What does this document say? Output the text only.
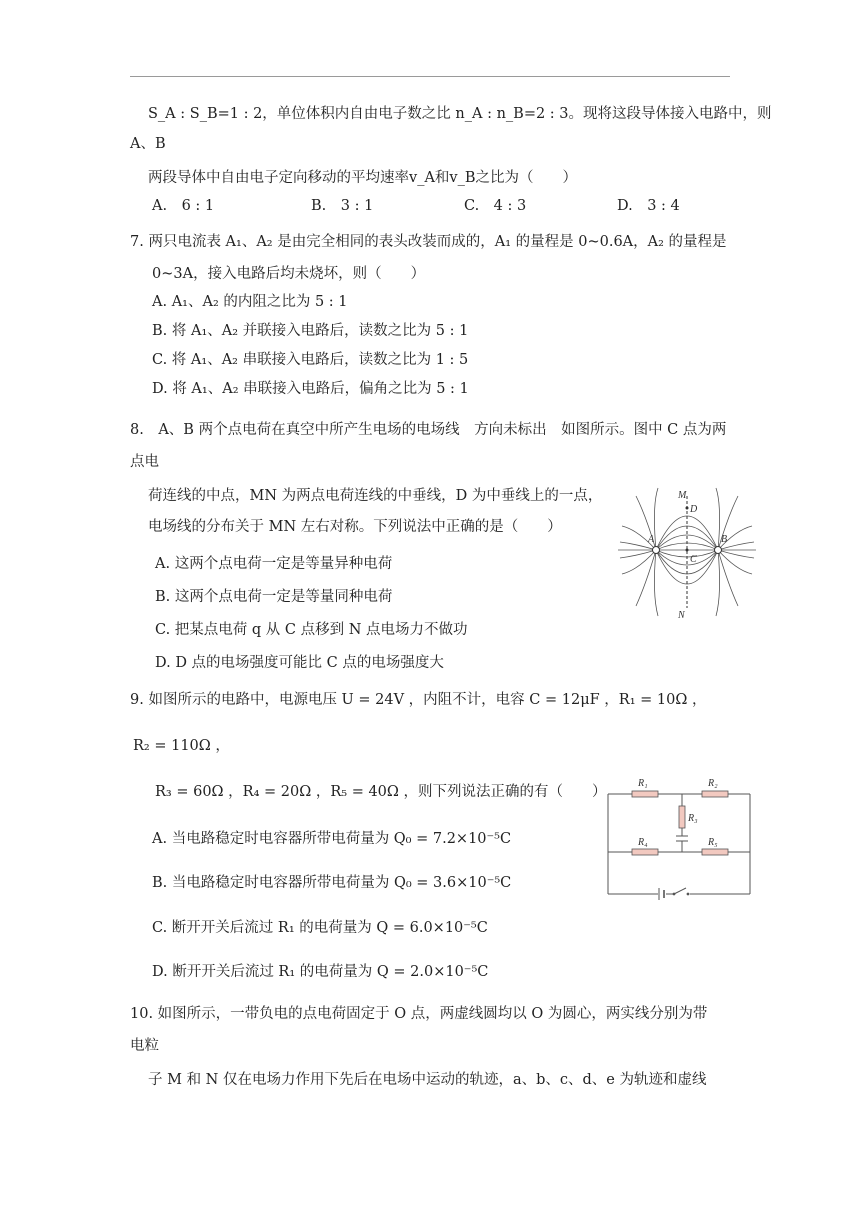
S_A : S_B=1 : 2，单位体积内自由电子数之比 n_A : n_B=2 : 3。现将这段导体接入电路中，则
A、B
两段导体中自由电子定向移动的平均速率v_A和v_B之比为（　　）
A.　6 : 1	B.　3 : 1	C.　4 : 3	D.　3 : 4
7. 两只电流表 A₁、A₂ 是由完全相同的表头改装而成的，A₁ 的量程是 0~0.6A，A₂ 的量程是
0~3A，接入电路后均未烧坏，则（　　）
A. A₁、A₂ 的内阻之比为 5 : 1
B. 将 A₁、A₂ 并联接入电路后，读数之比为 5 : 1
C. 将 A₁、A₂ 串联接入电路后，读数之比为 1 : 5
D. 将 A₁、A₂ 串联接入电路后，偏角之比为 5 : 1
8.　A、B 两个点电荷在真空中所产生电场的电场线　方向未标出　如图所示。图中 C 点为两
点电
荷连线的中点，MN 为两点电荷连线的中垂线，D 为中垂线上的一点，
电场线的分布关于 MN 左右对称。下列说法中正确的是（　　）
A. 这两个点电荷一定是等量异种电荷
B. 这两个点电荷一定是等量同种电荷
C. 把某点电荷 q 从 C 点移到 N 点电场力不做功
D. D 点的电场强度可能比 C 点的电场强度大
M
D
A	B
C
N
9. 如图所示的电路中，电源电压 U = 24V ，内阻不计，电容 C = 12μF ，R₁ = 10Ω ，
R₂ = 110Ω ，
R₃ = 60Ω ，R₄ = 20Ω ，R₅ = 40Ω ，则下列说法正确的有（　　）
A. 当电路稳定时电容器所带电荷量为 Q₀ = 7.2×10⁻⁵C
B. 当电路稳定时电容器所带电荷量为 Q₀ = 3.6×10⁻⁵C
C. 断开开关后流过 R₁ 的电荷量为 Q = 6.0×10⁻⁵C
D. 断开开关后流过 R₁ 的电荷量为 Q = 2.0×10⁻⁵C
R₁	R₂
R₃
R₄	R₅
10. 如图所示，一带负电的点电荷固定于 O 点，两虚线圆均以 O 为圆心，两实线分别为带
电粒
子 M 和 N 仅在电场力作用下先后在电场中运动的轨迹，a、b、c、d、e 为轨迹和虚线
